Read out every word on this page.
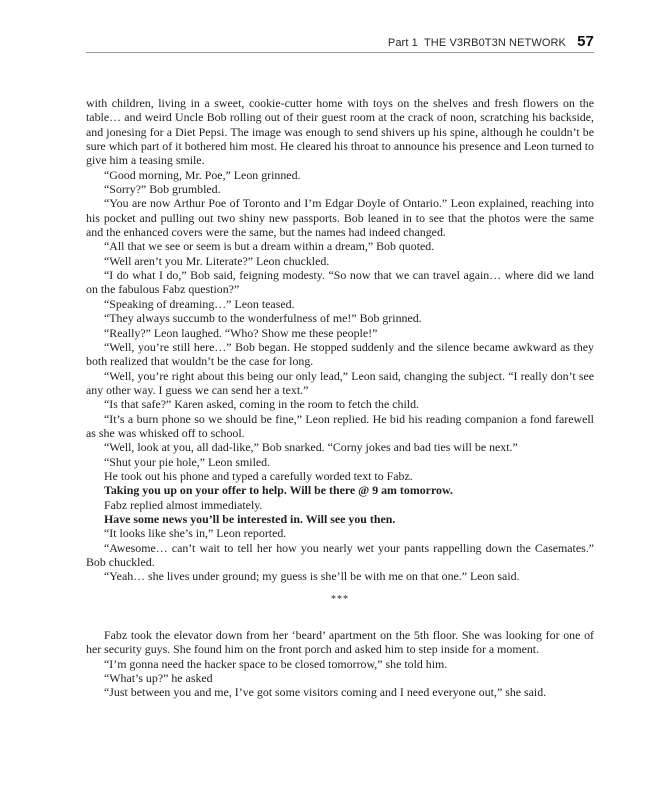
Part 1 THE V3RB0T3N NETWORK 57

with children, living in a sweet, cookie-cutter home with toys on the shelves and fresh flowers on the table… and weird Uncle Bob rolling out of their guest room at the crack of noon, scratching his backside, and jonesing for a Diet Pepsi. The image was enough to send shivers up his spine, although he couldn’t be sure which part of it bothered him most. He cleared his throat to announce his presence and Leon turned to give him a teasing smile.

“Good morning, Mr. Poe,” Leon grinned.

“Sorry?” Bob grumbled.

“You are now Arthur Poe of Toronto and I’m Edgar Doyle of Ontario.” Leon explained, reaching into his pocket and pulling out two shiny new passports. Bob leaned in to see that the photos were the same and the enhanced covers were the same, but the names had indeed changed.

“All that we see or seem is but a dream within a dream,” Bob quoted.

“Well aren’t you Mr. Literate?” Leon chuckled.

“I do what I do,” Bob said, feigning modesty. “So now that we can travel again… where did we land on the fabulous Fabz question?”

“Speaking of dreaming…” Leon teased.

“They always succumb to the wonderfulness of me!” Bob grinned.

“Really?” Leon laughed. “Who? Show me these people!”

“Well, you’re still here…” Bob began. He stopped suddenly and the silence became awkward as they both realized that wouldn’t be the case for long.

“Well, you’re right about this being our only lead,” Leon said, changing the subject. “I really don’t see any other way. I guess we can send her a text.”

“Is that safe?” Karen asked, coming in the room to fetch the child.

“It’s a burn phone so we should be fine,” Leon replied. He bid his reading companion a fond farewell as she was whisked off to school.

“Well, look at you, all dad-like,” Bob snarked. “Corny jokes and bad ties will be next.”

“Shut your pie hole,” Leon smiled.

He took out his phone and typed a carefully worded text to Fabz.

Taking you up on your offer to help. Will be there @ 9 am tomorrow.

Fabz replied almost immediately.

Have some news you’ll be interested in. Will see you then.

“It looks like she’s in,” Leon reported.

“Awesome… can’t wait to tell her how you nearly wet your pants rappelling down the Casemates.” Bob chuckled.

“Yeah… she lives under ground; my guess is she’ll be with me on that one.” Leon said.

***

Fabz took the elevator down from her ‘beard’ apartment on the 5th floor. She was looking for one of her security guys. She found him on the front porch and asked him to step inside for a moment.

“I’m gonna need the hacker space to be closed tomorrow,” she told him.

“What’s up?” he asked

“Just between you and me, I’ve got some visitors coming and I need everyone out,” she said.
